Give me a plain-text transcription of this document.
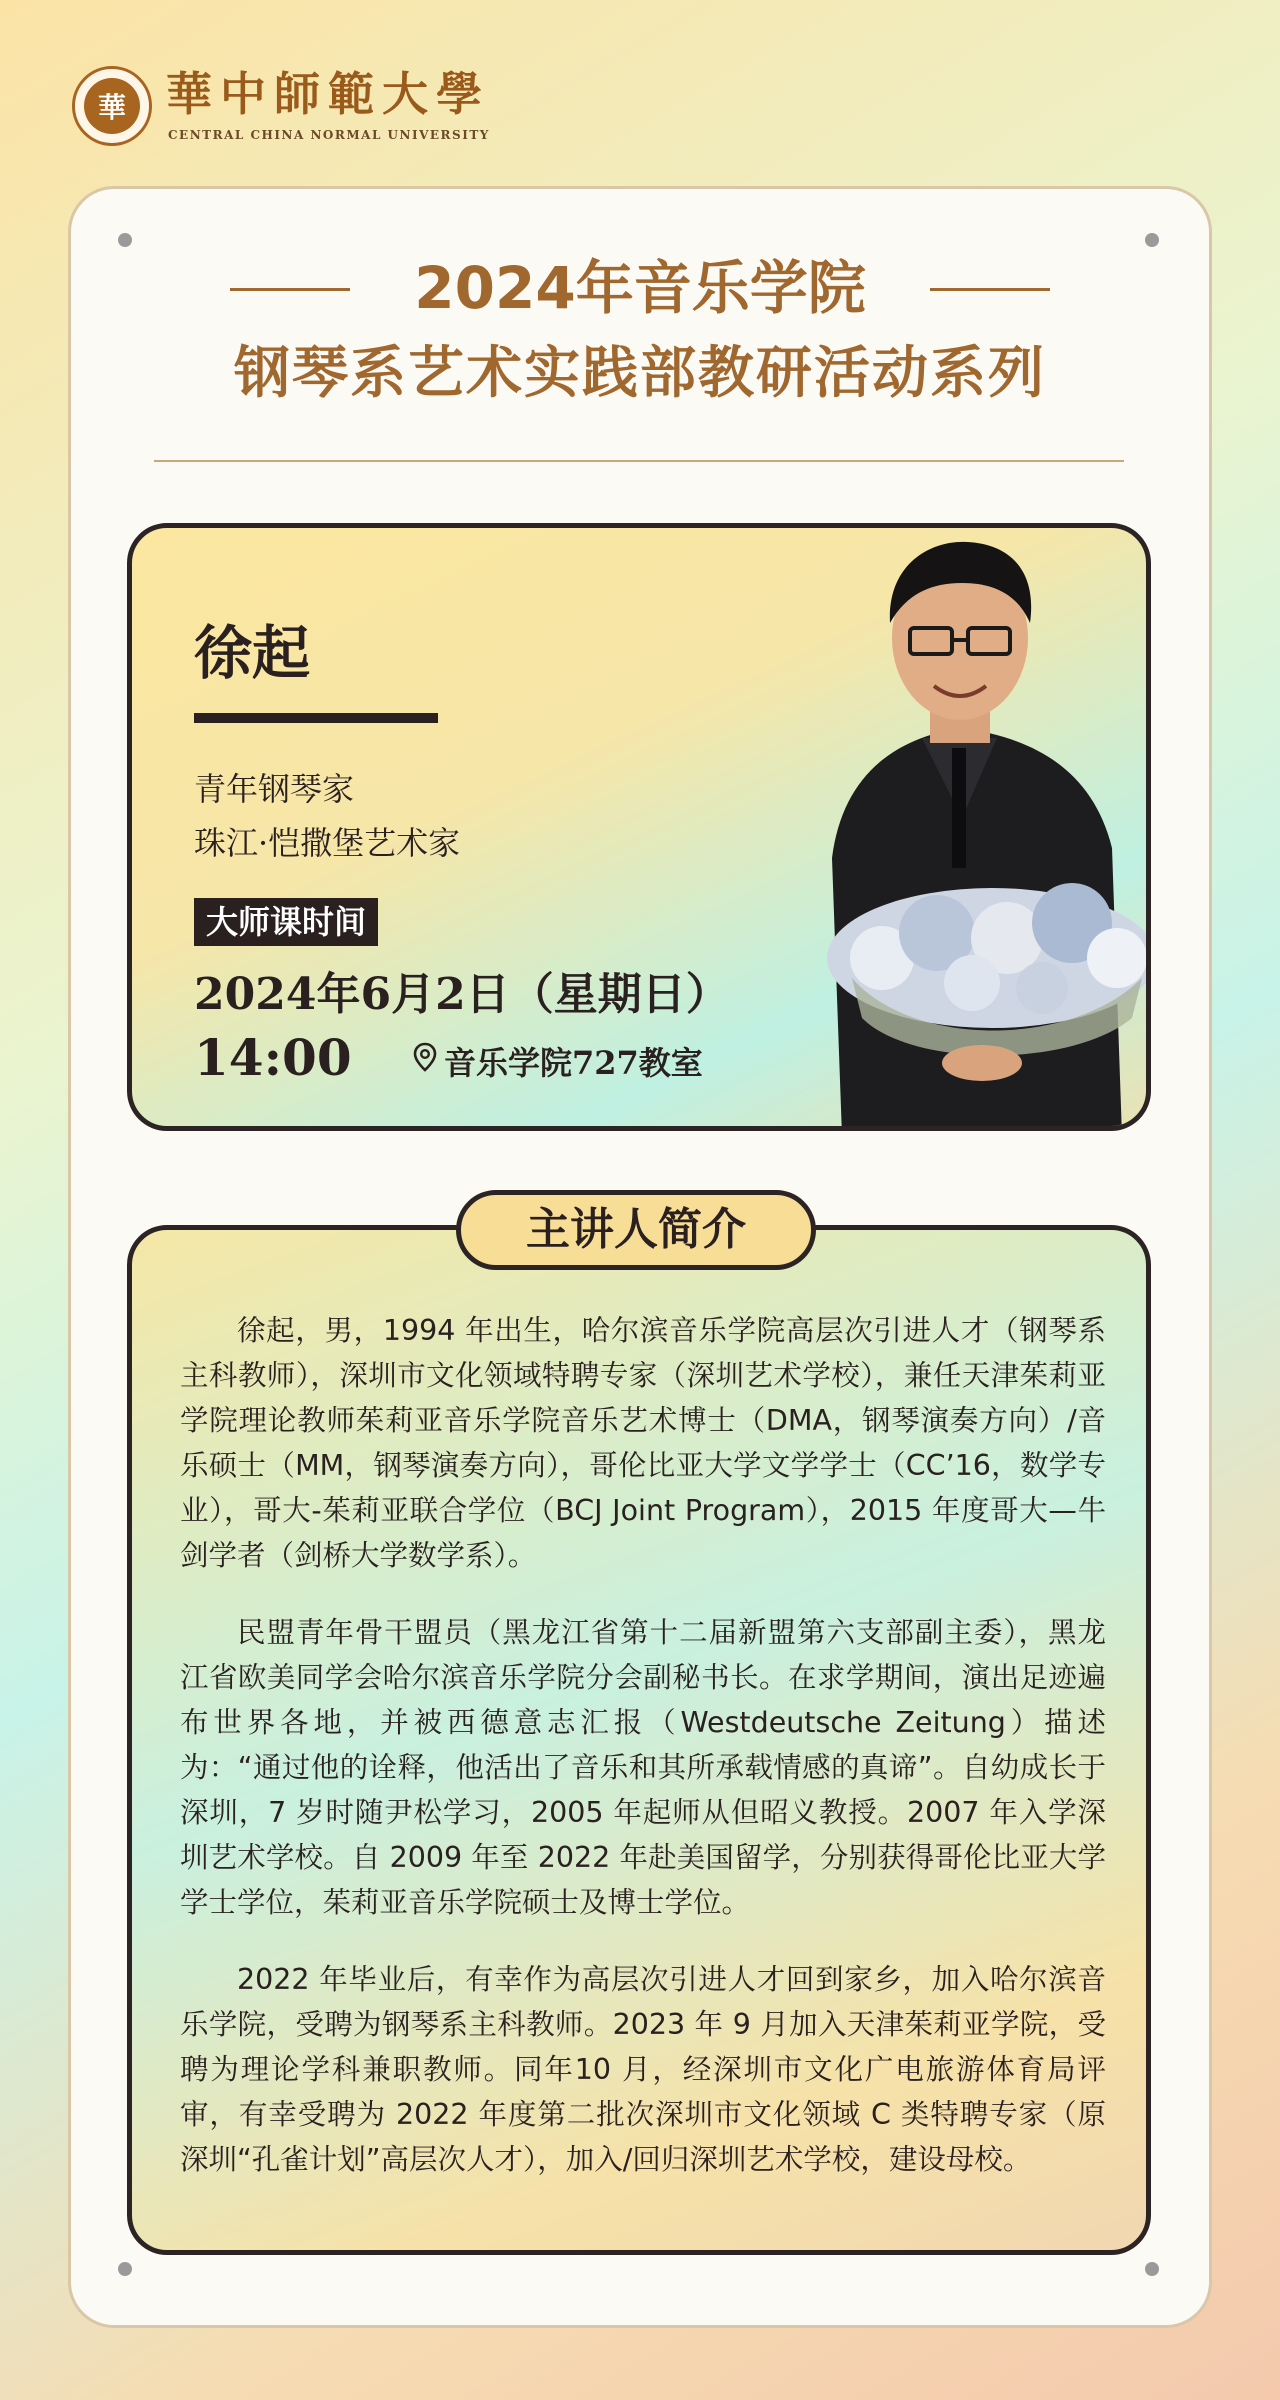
華 華中師範大學
CENTRAL CHINA NORMAL UNIVERSITY
2024年音乐学院
钢琴系艺术实践部教研活动系列
徐起
青年钢琴家
珠江·恺撒堡艺术家
大师课时间
2024年6月2日（星期日）
14:00	音乐学院727教室
主讲人简介

徐起，男，1994 年出生，哈尔滨音乐学院高层次引进人才（钢琴系主科教师），深圳市文化领域特聘专家（深圳艺术学校），兼任天津茱莉亚学院理论教师茱莉亚音乐学院音乐艺术博士（DMA，钢琴演奏方向）/音乐硕士（MM，钢琴演奏方向），哥伦比亚大学文学学士（CC’16，数学专业），哥大-茱莉亚联合学位（BCJ Joint Program），2015 年度哥大—牛剑学者（剑桥大学数学系）。

民盟青年骨干盟员（黑龙江省第十二届新盟第六支部副主委），黑龙江省欧美同学会哈尔滨音乐学院分会副秘书长。在求学期间，演出足迹遍布世界各地，并被西德意志汇报（Westdeutsche Zeitung）描述为：“通过他的诠释，他活出了音乐和其所承载情感的真谛”。自幼成长于深圳，7 岁时随尹松学习，2005 年起师从但昭义教授。2007 年入学深圳艺术学校。自 2009 年至 2022 年赴美国留学，分别获得哥伦比亚大学学士学位，茱莉亚音乐学院硕士及博士学位。

2022 年毕业后，有幸作为高层次引进人才回到家乡，加入哈尔滨音乐学院，受聘为钢琴系主科教师。2023 年 9 月加入天津茱莉亚学院，受聘为理论学科兼职教师。同年10 月，经深圳市文化广电旅游体育局评审，有幸受聘为 2022 年度第二批次深圳市文化领域 C 类特聘专家（原深圳“孔雀计划”高层次人才），加入/回归深圳艺术学校，建设母校。
